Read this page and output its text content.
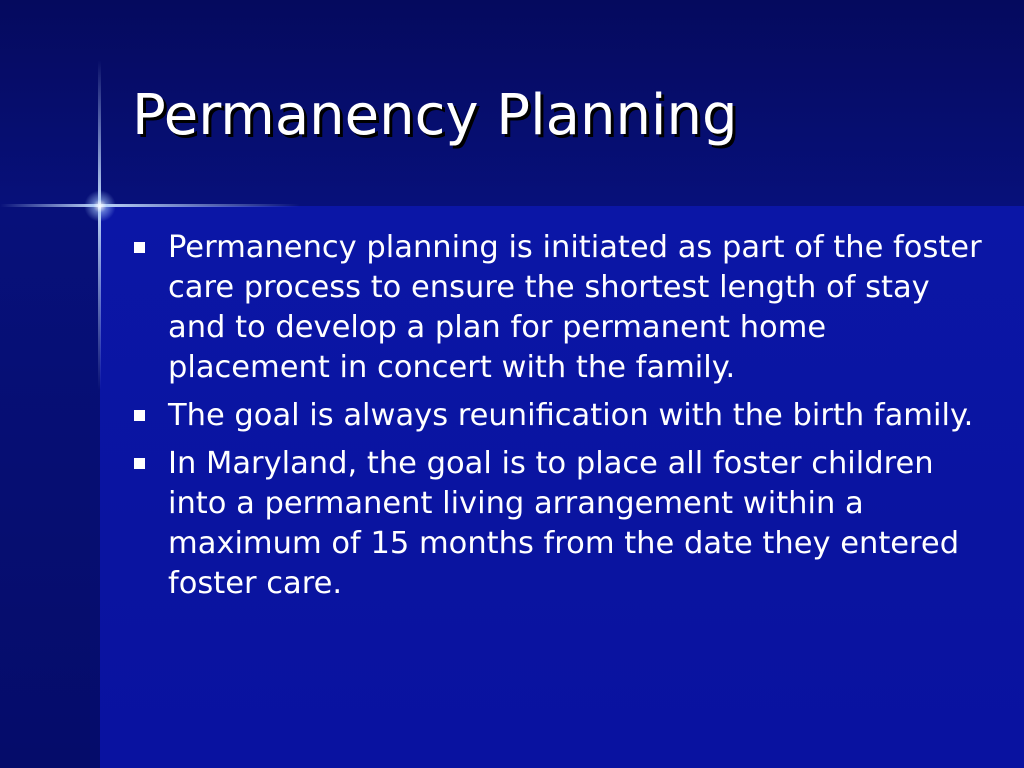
Permanency Planning
Permanency planning is initiated as part of the foster care process to ensure the shortest length of stay and to develop a plan for permanent home placement in concert with the family.
The goal is always reunification with the birth family.
In Maryland, the goal is to place all foster children into a permanent living arrangement within a maximum of 15 months from the date they entered foster care.
